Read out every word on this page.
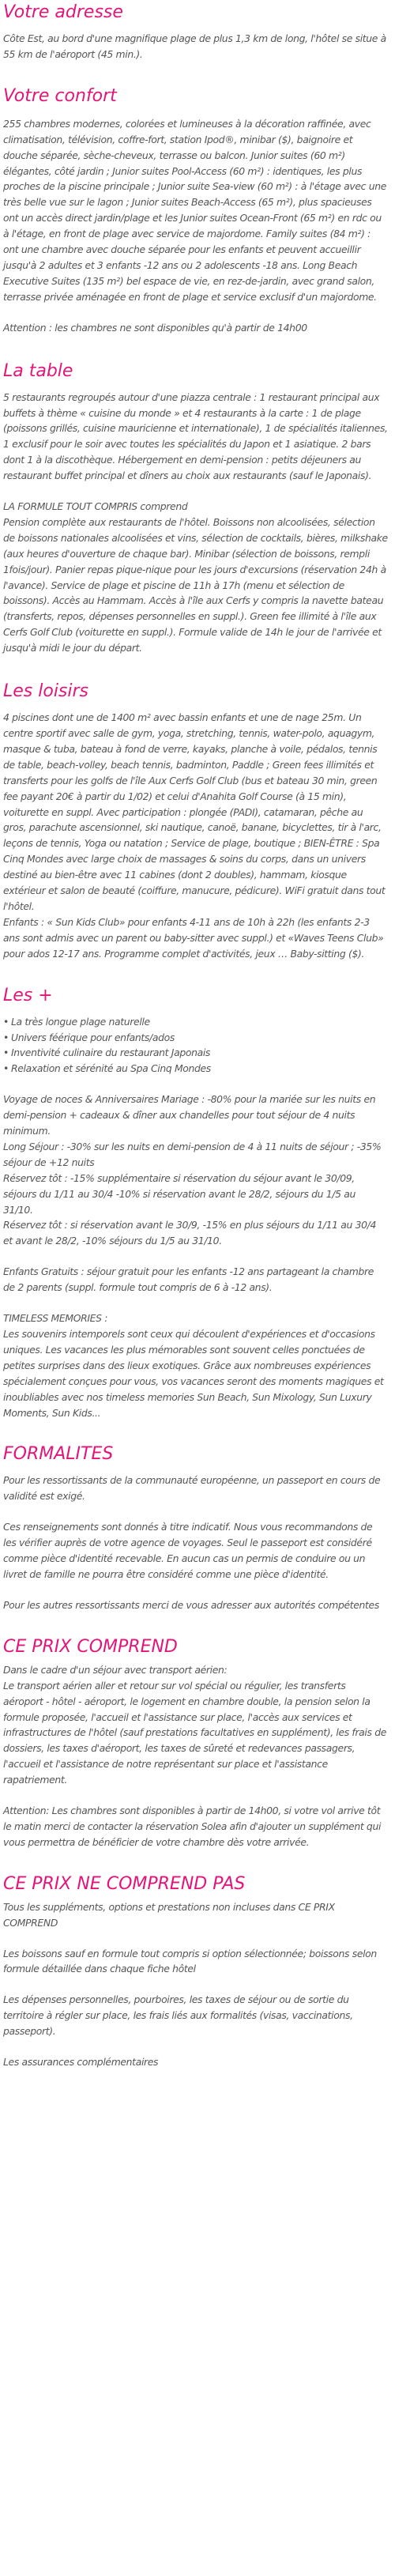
Votre adresse

Côte Est, au bord d'une magnifique plage de plus 1,3 km de long, l'hôtel se situe à 55 km de l'aéroport (45 min.).

Votre confort

255 chambres modernes, colorées et lumineuses à la décoration raffinée, avec climatisation, télévision, coffre-fort, station Ipod®, minibar ($), baignoire et douche séparée, sèche-cheveux, terrasse ou balcon. Junior suites (60 m²) élégantes, côté jardin ; Junior suites Pool-Access (60 m²) : identiques, les plus proches de la piscine principale ; Junior suite Sea-view (60 m²) : à l'étage avec une très belle vue sur le lagon ; Junior suites Beach-Access (65 m²), plus spacieuses ont un accès direct jardin/plage et les Junior suites Ocean-Front (65 m²) en rdc ou à l'étage, en front de plage avec service de majordome. Family suites (84 m²) : ont une chambre avec douche séparée pour les enfants et peuvent accueillir jusqu'à 2 adultes et 3 enfants -12 ans ou 2 adolescents -18 ans. Long Beach Executive Suites (135 m²) bel espace de vie, en rez-de-jardin, avec grand salon, terrasse privée aménagée en front de plage et service exclusif d'un majordome.

Attention : les chambres ne sont disponibles qu'à partir de 14h00

La table

5 restaurants regroupés autour d'une piazza centrale : 1 restaurant principal aux buffets à thème « cuisine du monde » et 4 restaurants à la carte : 1 de plage (poissons grillés, cuisine mauricienne et internationale), 1 de spécialités italiennes, 1 exclusif pour le soir avec toutes les spécialités du Japon et 1 asiatique. 2 bars dont 1 à la discothèque. Hébergement en demi-pension : petits déjeuners au restaurant buffet principal et dîners au choix aux restaurants (sauf le Japonais).

LA FORMULE TOUT COMPRIS comprend

Pension complète aux restaurants de l'hôtel. Boissons non alcoolisées, sélection de boissons nationales alcoolisées et vins, sélection de cocktails, bières, milkshake (aux heures d'ouverture de chaque bar). Minibar (sélection de boissons, rempli 1fois/jour). Panier repas pique-nique pour les jours d'excursions (réservation 24h à l'avance). Service de plage et piscine de 11h à 17h (menu et sélection de boissons). Accès au Hammam. Accès à l'île aux Cerfs y compris la navette bateau (transferts, repos, dépenses personnelles en suppl.). Green fee illimité à l'île aux Cerfs Golf Club (voiturette en suppl.). Formule valide de 14h le jour de l'arrivée et jusqu'à midi le jour du départ.

Les loisirs

4 piscines dont une de 1400 m² avec bassin enfants et une de nage 25m. Un centre sportif avec salle de gym, yoga, stretching, tennis, water-polo, aquagym, masque & tuba, bateau à fond de verre, kayaks, planche à voile, pédalos, tennis de table, beach-volley, beach tennis, badminton, Paddle ; Green fees illimités et transferts pour les golfs de l'île Aux Cerfs Golf Club (bus et bateau 30 min, green fee payant 20€ à partir du 1/02) et celui d'Anahita Golf Course (à 15 min), voiturette en suppl. Avec participation : plongée (PADI), catamaran, pêche au gros, parachute ascensionnel, ski nautique, canoë, banane, bicyclettes, tir à l'arc, leçons de tennis, Yoga ou natation ; Service de plage, boutique ; BIEN-ÊTRE : Spa Cinq Mondes avec large choix de massages & soins du corps, dans un univers destiné au bien-être avec 11 cabines (dont 2 doubles), hammam, kiosque extérieur et salon de beauté (coiffure, manucure, pédicure). WiFi gratuit dans tout l'hôtel.
Enfants : « Sun Kids Club» pour enfants 4-11 ans de 10h à 22h (les enfants 2-3 ans sont admis avec un parent ou baby-sitter avec suppl.) et «Waves Teens Club» pour ados 12-17 ans. Programme complet d'activités, jeux … Baby-sitting ($).

Les +
• La très longue plage naturelle
• Univers féérique pour enfants/ados
• Inventivité culinaire du restaurant Japonais
• Relaxation et sérénité au Spa Cinq Mondes

Voyage de noces & Anniversaires Mariage : -80% pour la mariée sur les nuits en demi-pension + cadeaux & dîner aux chandelles pour tout séjour de 4 nuits minimum.
Long Séjour : -30% sur les nuits en demi-pension de 4 à 11 nuits de séjour ; -35% séjour de +12 nuits
Réservez tôt : -15% supplémentaire si réservation du séjour avant le 30/09, séjours du 1/11 au 30/4 -10% si réservation avant le 28/2, séjours du 1/5 au 31/10.
Réservez tôt : si réservation avant le 30/9, -15% en plus séjours du 1/11 au 30/4 et avant le 28/2, -10% séjours du 1/5 au 31/10.

Enfants Gratuits : séjour gratuit pour les enfants -12 ans partageant la chambre de 2 parents (suppl. formule tout compris de 6 à -12 ans).

TIMELESS MEMORIES :
Les souvenirs intemporels sont ceux qui découlent d'expériences et d'occasions uniques. Les vacances les plus mémorables sont souvent celles ponctuées de petites surprises dans des lieux exotiques. Grâce aux nombreuses expériences spécialement conçues pour vous, vos vacances seront des moments magiques et inoubliables avec nos timeless memories Sun Beach, Sun Mixology, Sun Luxury Moments, Sun Kids...

FORMALITES

Pour les ressortissants de la communauté européenne, un passeport en cours de validité est exigé.

Ces renseignements sont donnés à titre indicatif. Nous vous recommandons de les vérifier auprès de votre agence de voyages. Seul le passeport est considéré comme pièce d'identité recevable. En aucun cas un permis de conduire ou un livret de famille ne pourra être considéré comme une pièce d'identité.

Pour les autres ressortissants merci de vous adresser aux autorités compétentes

CE PRIX COMPREND

Dans le cadre d'un séjour avec transport aérien:
Le transport aérien aller et retour sur vol spécial ou régulier, les transferts aéroport - hôtel - aéroport, le logement en chambre double, la pension selon la formule proposée, l'accueil et l'assistance sur place, l'accès aux services et infrastructures de l'hôtel (sauf prestations facultatives en supplément), les frais de dossiers, les taxes d'aéroport, les taxes de sûreté et redevances passagers, l'accueil et l'assistance de notre représentant sur place et l'assistance rapatriement.

Attention: Les chambres sont disponibles à partir de 14h00, si votre vol arrive tôt le matin merci de contacter la réservation Solea afin d'ajouter un supplément qui vous permettra de bénéficier de votre chambre dès votre arrivée.

CE PRIX NE COMPREND PAS

Tous les suppléments, options et prestations non incluses dans CE PRIX COMPREND

Les boissons sauf en formule tout compris si option sélectionnée; boissons selon formule détaillée dans chaque fiche hôtel

Les dépenses personnelles, pourboires, les taxes de séjour ou de sortie du territoire à régler sur place, les frais liés aux formalités (visas, vaccinations, passeport).

Les assurances complémentaires
